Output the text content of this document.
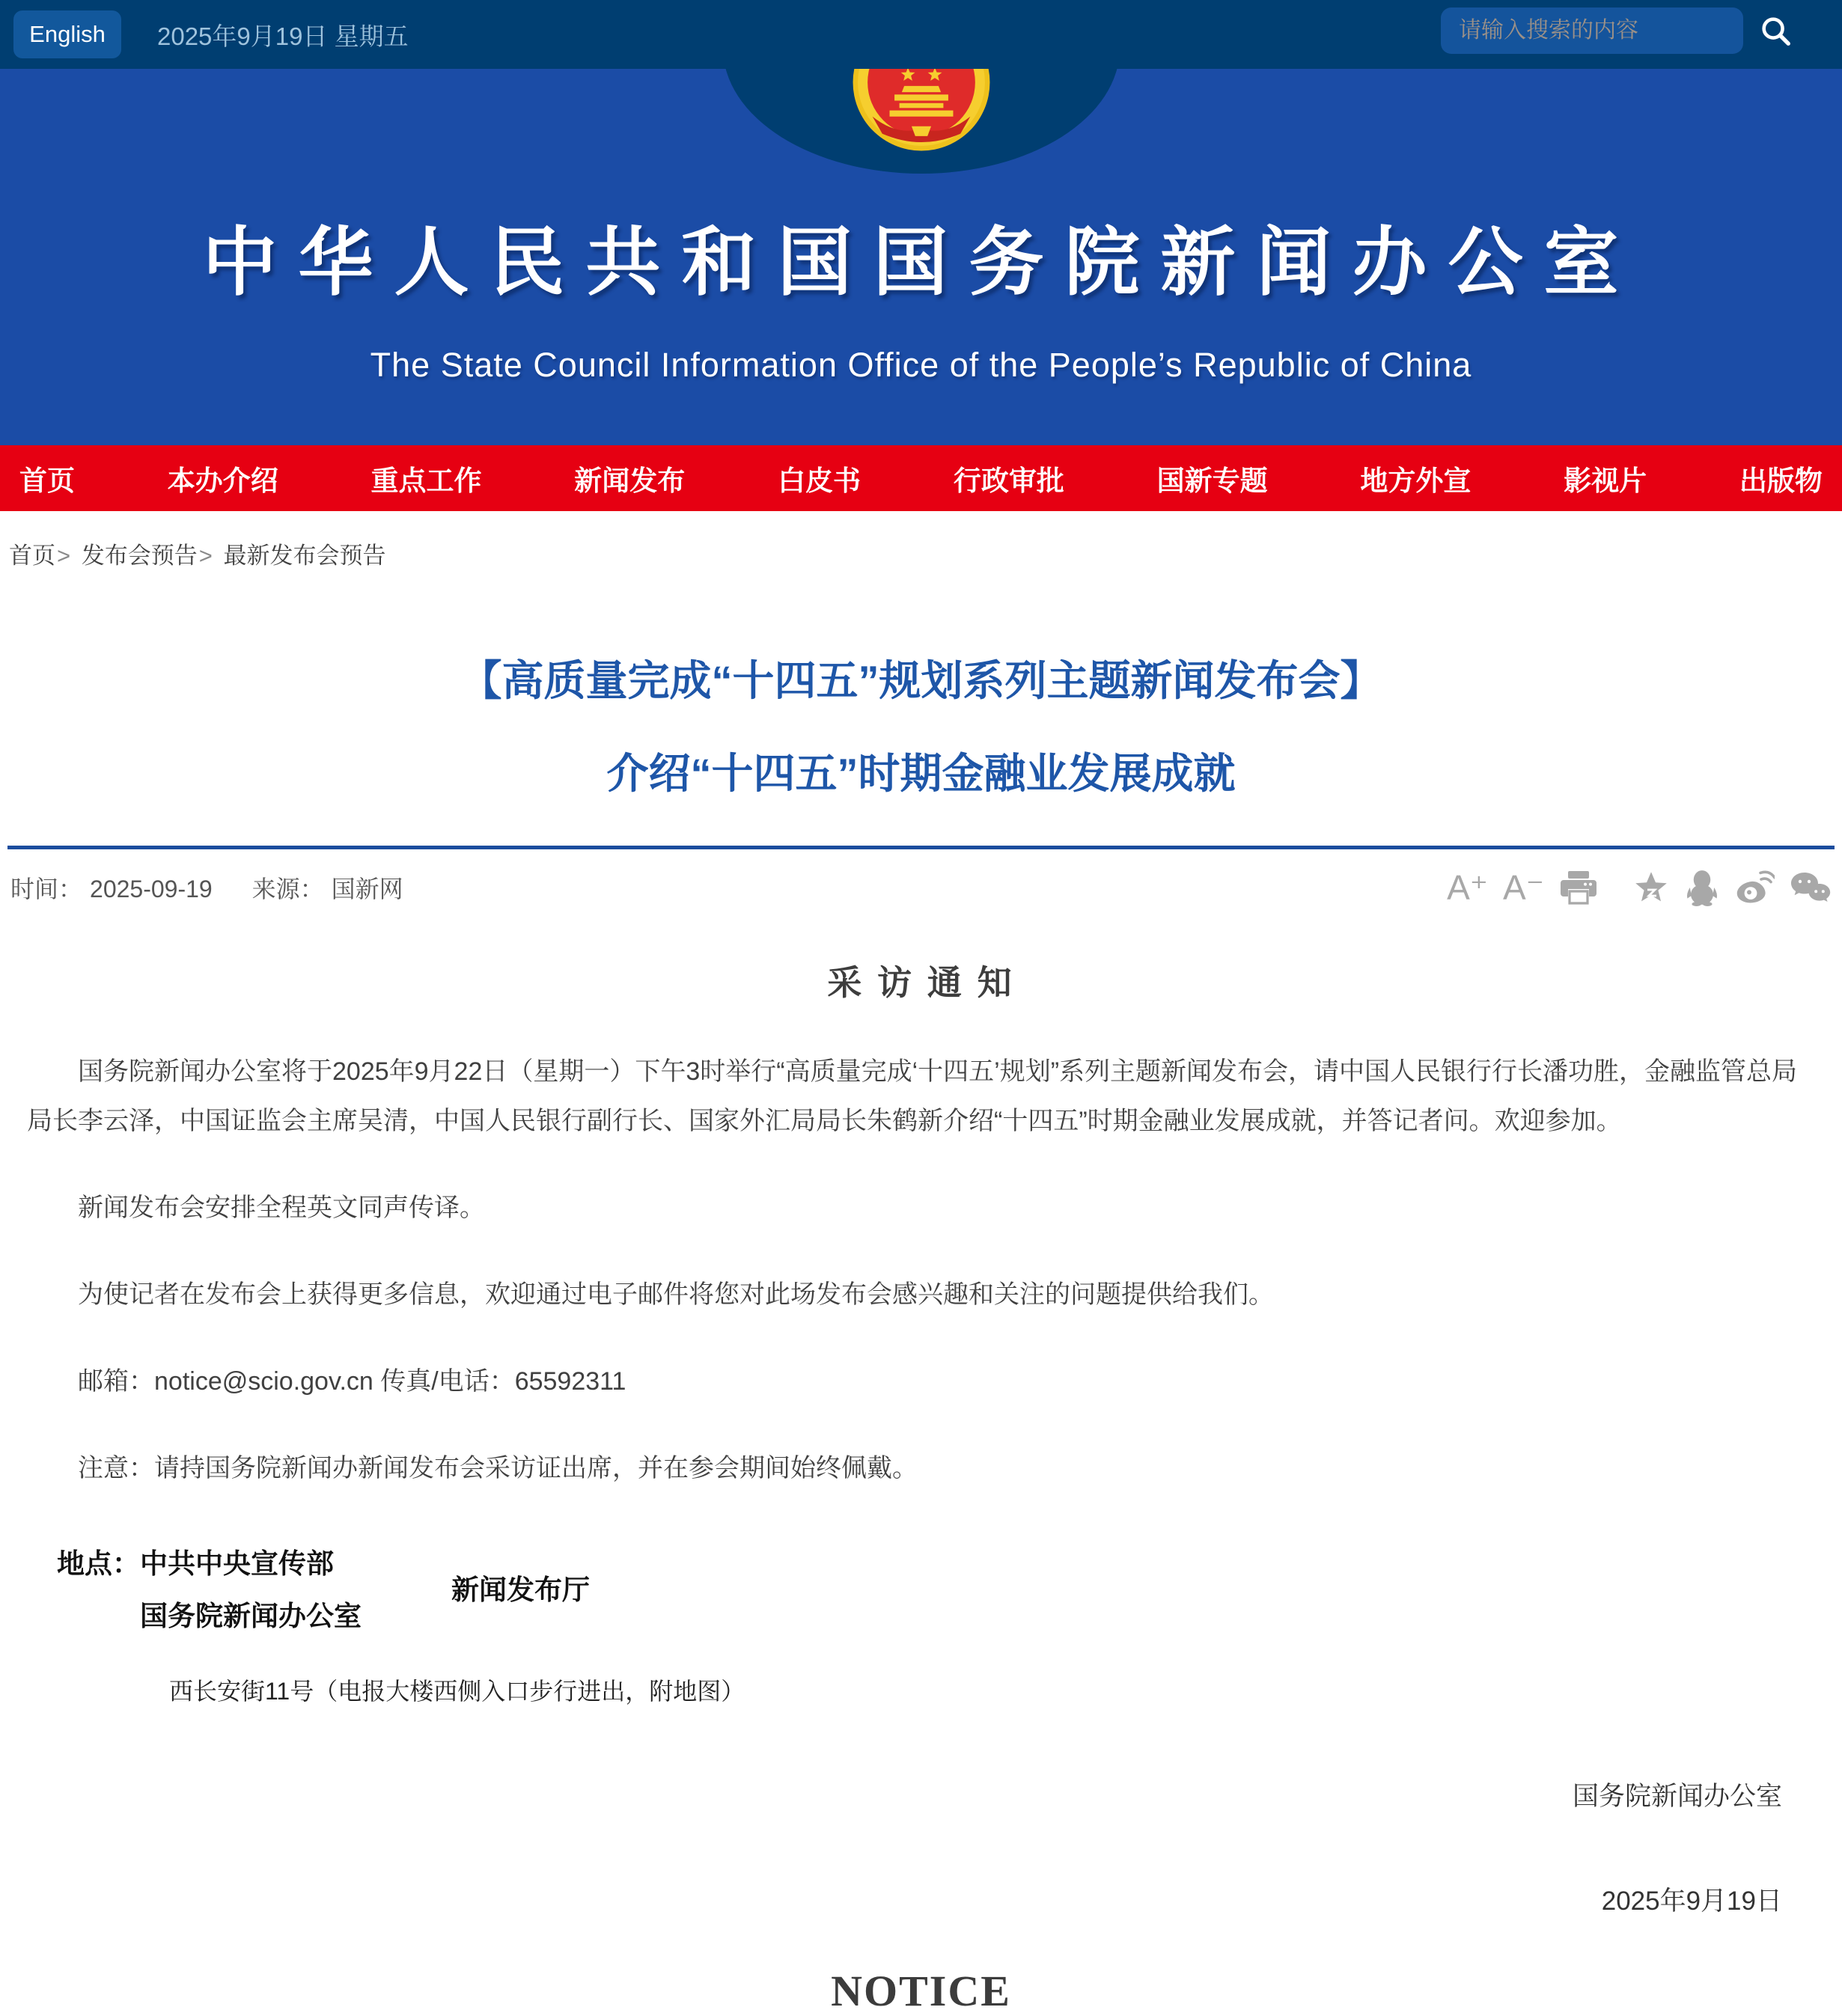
English	2025年9月19日 星期五
请输入搜索的内容
中华人民共和国国务院新闻办公室
The State Council Information Office of the People’s Republic of China
首页	本办介绍	重点工作	新闻发布	白皮书	行政审批	国新专题	地方外宣	影视片	出版物
首页> 发布会预告> 最新发布会预告
【高质量完成“十四五”规划系列主题新闻发布会】
介绍“十四五”时期金融业发展成就
时间： 2025-09-19 来源： 国新网	A⁺ A⁻
采 访 通 知

国务院新闻办公室将于2025年9月22日（星期一）下午3时举行“高质量完成‘十四五’规划”系列主题新闻发布会，请中国人民银行行长潘功胜，金融监管总局局长李云泽，中国证监会主席吴清，中国人民银行副行长、国家外汇局局长朱鹤新介绍“十四五”时期金融业发展成就，并答记者问。欢迎参加。

新闻发布会安排全程英文同声传译。

为使记者在发布会上获得更多信息，欢迎通过电子邮件将您对此场发布会感兴趣和关注的问题提供给我们。

邮箱：notice@scio.gov.cn 传真/电话：65592311

注意：请持国务院新闻办新闻发布会采访证出席，并在参会期间始终佩戴。

地点：中共中央宣传部
国务院新闻办公室
新闻发布厅
西长安街11号（电报大楼西侧入口步行进出，附地图）
国务院新闻办公室
2025年9月19日
NOTICE
